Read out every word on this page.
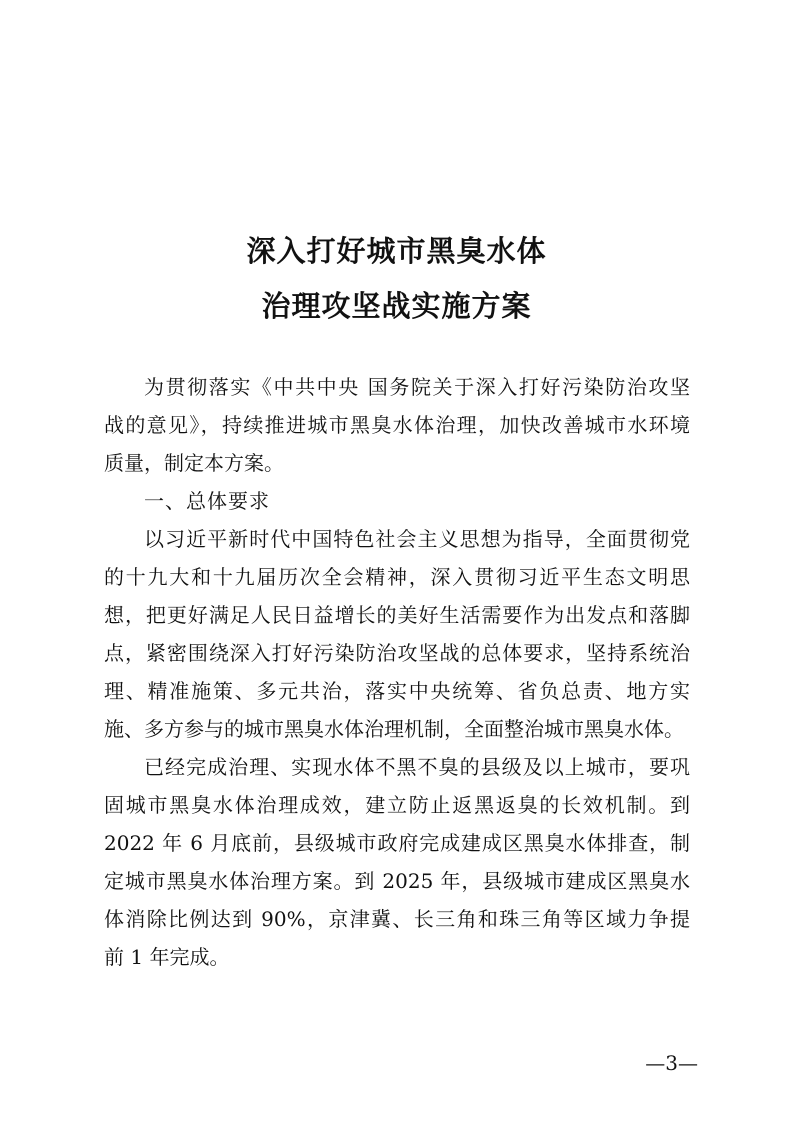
深入打好城市黑臭水体
治理攻坚战实施方案
为贯彻落实《中共中央 国务院关于深入打好污染防治攻坚
战的意见》，持续推进城市黑臭水体治理，加快改善城市水环境
质量，制定本方案。
一、总体要求
以习近平新时代中国特色社会主义思想为指导，全面贯彻党
的十九大和十九届历次全会精神，深入贯彻习近平生态文明思
想，把更好满足人民日益增长的美好生活需要作为出发点和落脚
点，紧密围绕深入打好污染防治攻坚战的总体要求，坚持系统治
理、精准施策、多元共治，落实中央统筹、省负总责、地方实
施、多方参与的城市黑臭水体治理机制，全面整治城市黑臭水体。
已经完成治理、实现水体不黑不臭的县级及以上城市，要巩
固城市黑臭水体治理成效，建立防止返黑返臭的长效机制。到
2022 年 6 月底前，县级城市政府完成建成区黑臭水体排查，制
定城市黑臭水体治理方案。到 2025 年，县级城市建成区黑臭水
体消除比例达到 90%，京津冀、长三角和珠三角等区域力争提
前 1 年完成。
—3—
